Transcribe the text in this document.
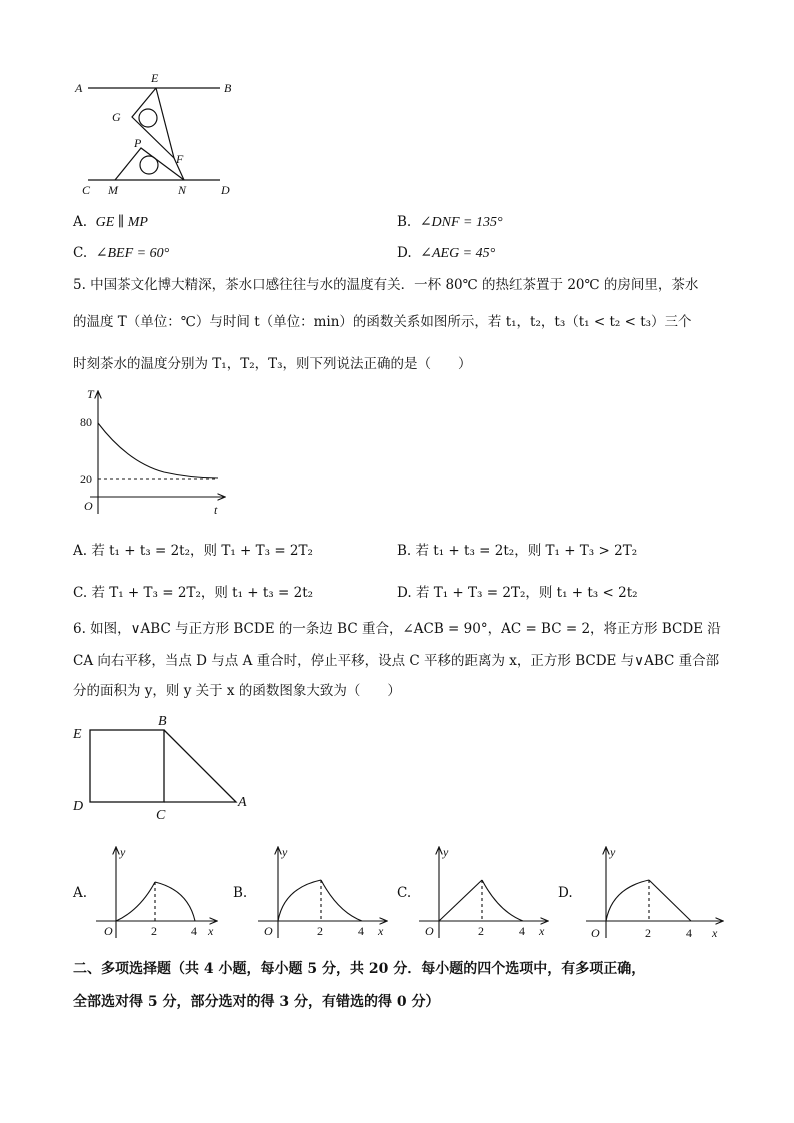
A
E
B
G
P
F
C M	N	D
A. GE ∥ MP	B. ∠DNF = 135°
C. ∠BEF = 60°	D. ∠AEG = 45°
5. 中国茶文化博大精深，茶水口感往往与水的温度有关．一杯 80℃ 的热红茶置于 20℃ 的房间里，茶水
的温度 T（单位：℃）与时间 t（单位：min）的函数关系如图所示，若 t₁，t₂，t₃（t₁ < t₂ < t₃）三个
时刻茶水的温度分别为 T₁，T₂，T₃，则下列说法正确的是（　　）
T
80
20
O	t
A. 若 t₁ + t₃ = 2t₂，则 T₁ + T₃ = 2T₂	B. 若 t₁ + t₃ = 2t₂，则 T₁ + T₃ > 2T₂
C. 若 T₁ + T₃ = 2T₂，则 t₁ + t₃ = 2t₂	D. 若 T₁ + T₃ = 2T₂，则 t₁ + t₃ < 2t₂
6. 如图，∨ABC 与正方形 BCDE 的一条边 BC 重合，∠ACB = 90°，AC = BC = 2，将正方形 BCDE 沿
CA 向右平移，当点 D 与点 A 重合时，停止平移，设点 C 平移的距离为 x，正方形 BCDE 与∨ABC 重合部
分的面积为 y，则 y 关于 x 的函数图象大致为（　　）
E
B
D
C
A
A.	B.	C.	D.
y
O	2	4 x
y
O	2	4 x
y
O	2	4 x
y
O	2	4 x
二、多项选择题（共 4 小题，每小题 5 分，共 20 分．每小题的四个选项中，有多项正确，
全部选对得 5 分，部分选对的得 3 分，有错选的得 0 分）
